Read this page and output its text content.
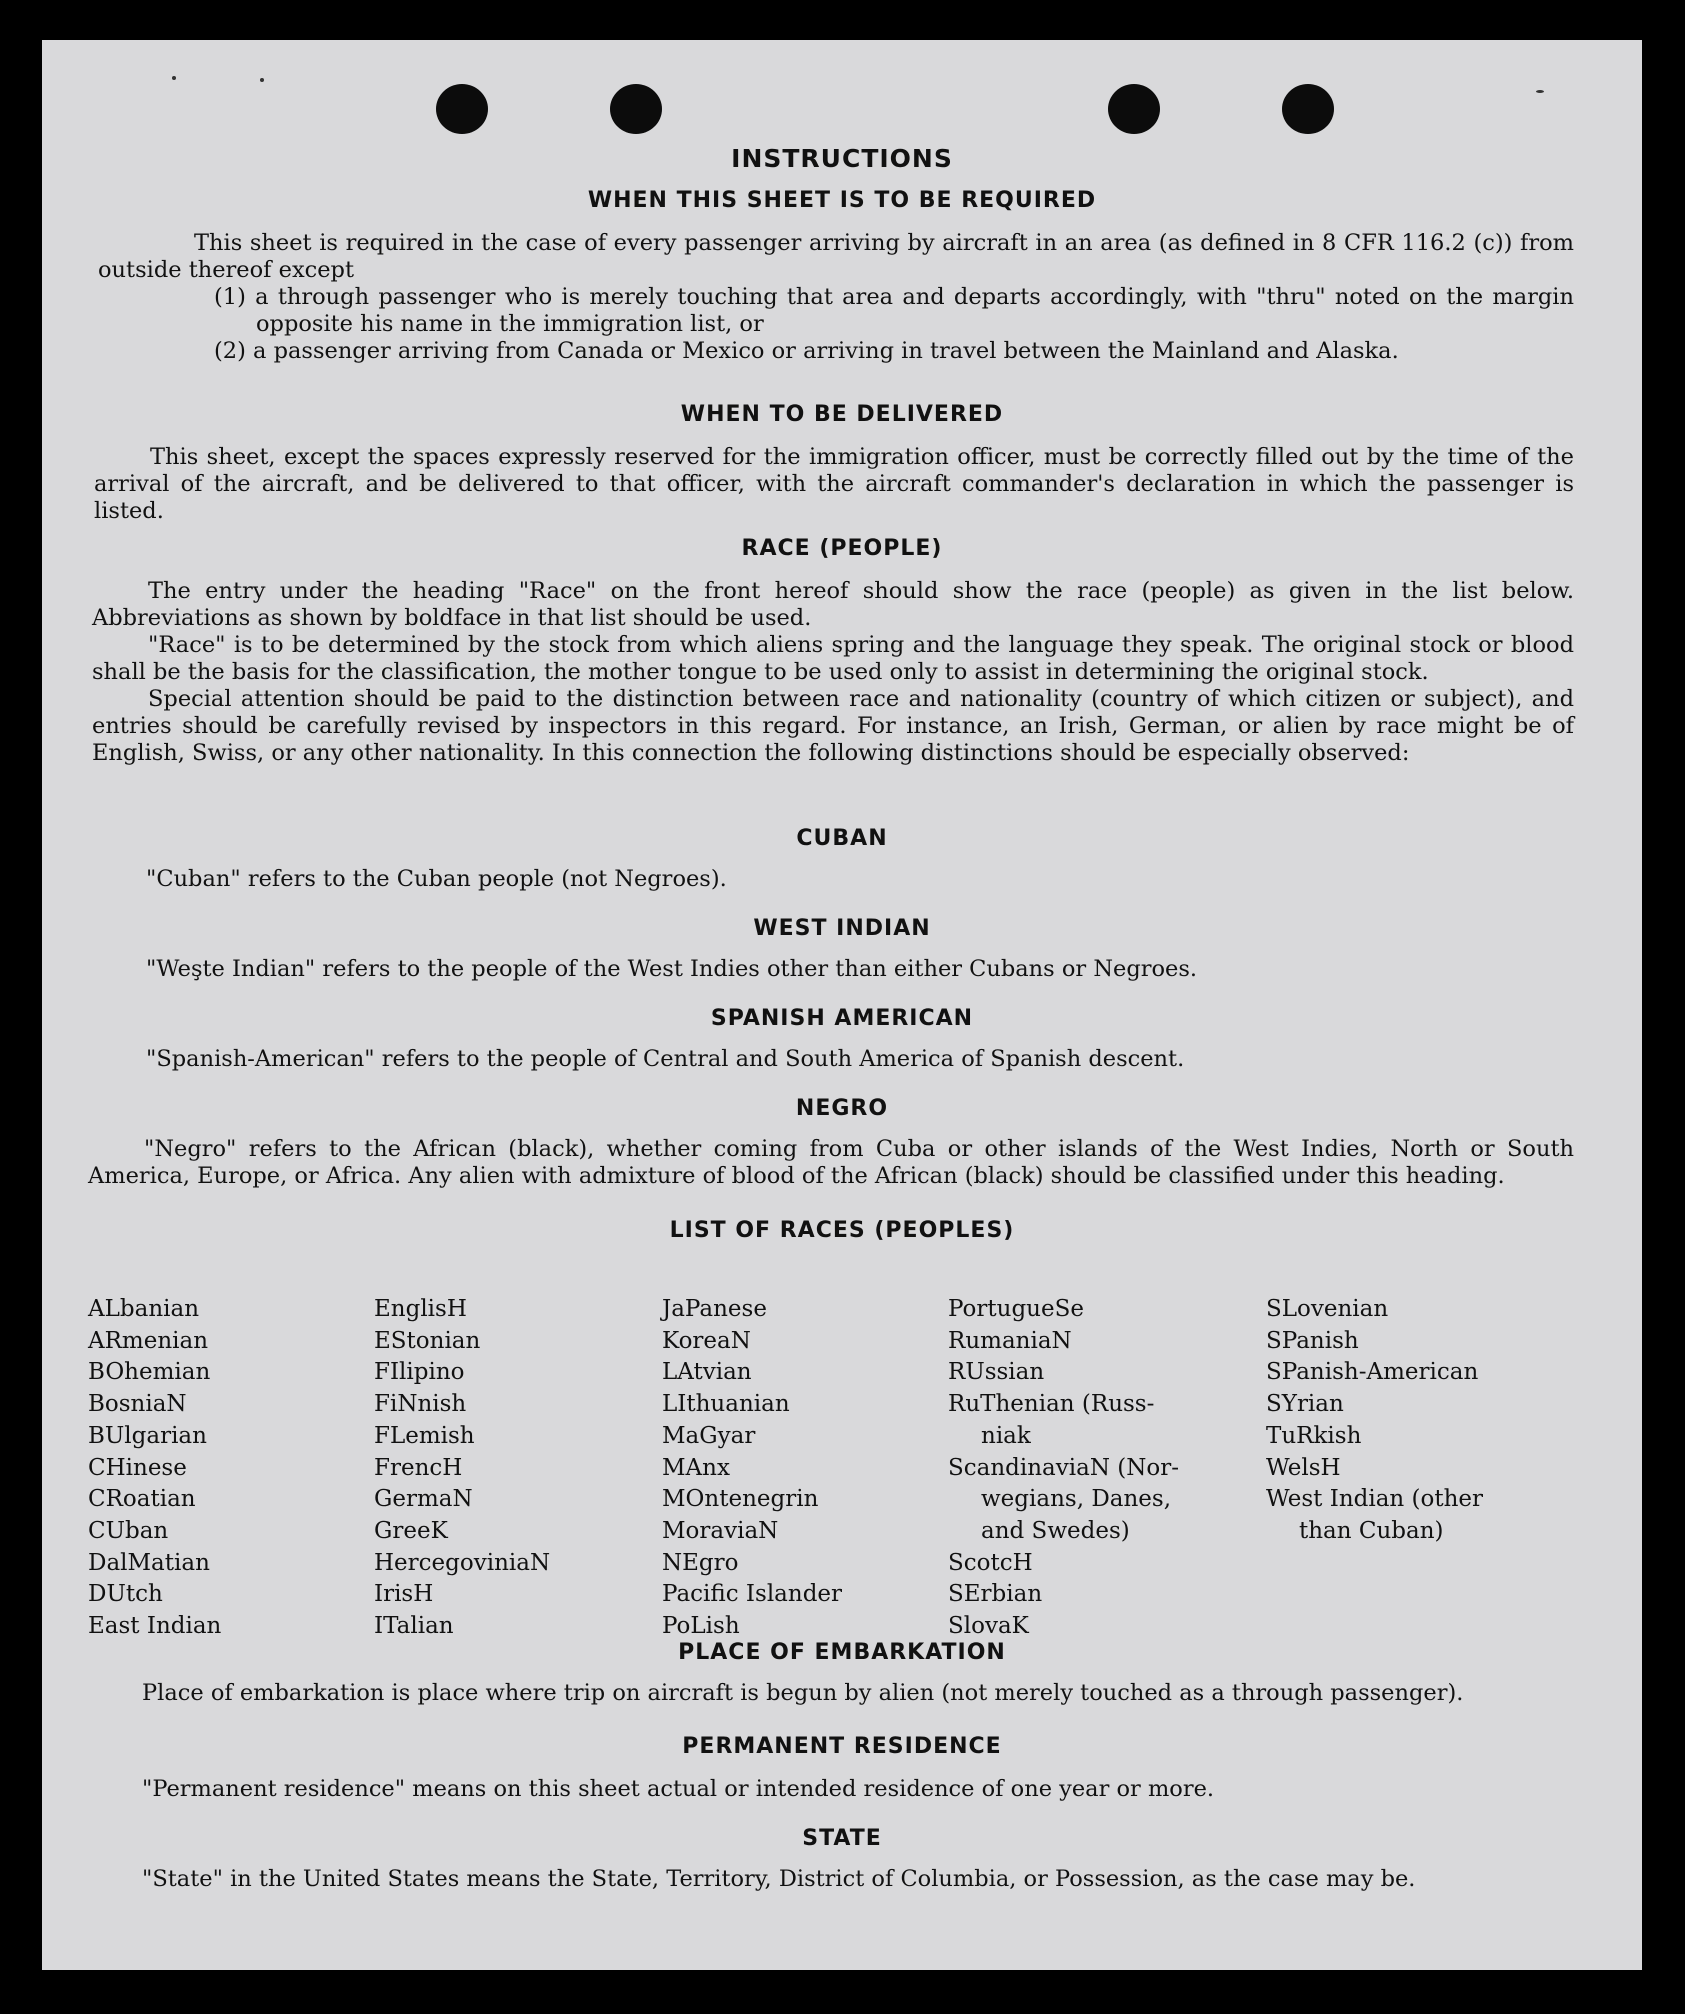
INSTRUCTIONS
WHEN THIS SHEET IS TO BE REQUIRED

This sheet is required in the case of every passenger arriving by aircraft in an area (as defined in 8 CFR 116.2 (c)) from outside thereof except

(1) a through passenger who is merely touching that area and departs accordingly, with "thru" noted on the margin opposite his name in the immigration list, or

(2) a passenger arriving from Canada or Mexico or arriving in travel between the Mainland and Alaska.

WHEN TO BE DELIVERED

This sheet, except the spaces expressly reserved for the immigration officer, must be correctly filled out by the time of the arrival of the aircraft, and be delivered to that officer, with the aircraft commander's declaration in which the passenger is listed.

RACE (PEOPLE)

The entry under the heading "Race" on the front hereof should show the race (people) as given in the list below. Abbreviations as shown by boldface in that list should be used.

"Race" is to be determined by the stock from which aliens spring and the language they speak. The original stock or blood shall be the basis for the classification, the mother tongue to be used only to assist in determining the original stock.

Special attention should be paid to the distinction between race and nationality (country of which citizen or subject), and entries should be carefully revised by inspectors in this regard. For instance, an Irish, German, or alien by race might be of English, Swiss, or any other nationality. In this connection the following distinctions should be especially observed:

CUBAN
"Cuban" refers to the Cuban people (not Negroes).
WEST INDIAN
"Weşte Indian" refers to the people of the West Indies other than either Cubans or Negroes.
SPANISH AMERICAN
"Spanish-American" refers to the people of Central and South America of Spanish descent.
NEGRO

"Negro" refers to the African (black), whether coming from Cuba or other islands of the West Indies, North or South America, Europe, or Africa. Any alien with admixture of blood of the African (black) should be classified under this heading.

LIST OF RACES (PEOPLES)
ALbanian
ARmenian
BOhemian
BosniaN
BUlgarian
CHinese
CRoatian
CUban
DalMatian
DUtch
East Indian
EnglisH
EStonian
FIlipino
FiNnish
FLemish
FrencH
GermaN
GreeK
HercegoviniaN
IrisH
ITalian
JaPanese
KoreaN
LAtvian
LIthuanian
MaGyar
MAnx
MOntenegrin
MoraviaN
NEgro
Pacific Islander
PoLish
PortugueSe
RumaniaN
RUssian
RuThenian (Russ-
niak
ScandinaviaN (Nor-
wegians, Danes,
and Swedes)
ScotcH
SErbian
SlovaK
SLovenian
SPanish
SPanish-American
SYrian
TuRkish
WelsH
West Indian (other
than Cuban)
PLACE OF EMBARKATION

Place of embarkation is place where trip on aircraft is begun by alien (not merely touched as a through passenger).

PERMANENT RESIDENCE
"Permanent residence" means on this sheet actual or intended residence of one year or more.
STATE

"State" in the United States means the State, Territory, District of Columbia, or Possession, as the case may be.
